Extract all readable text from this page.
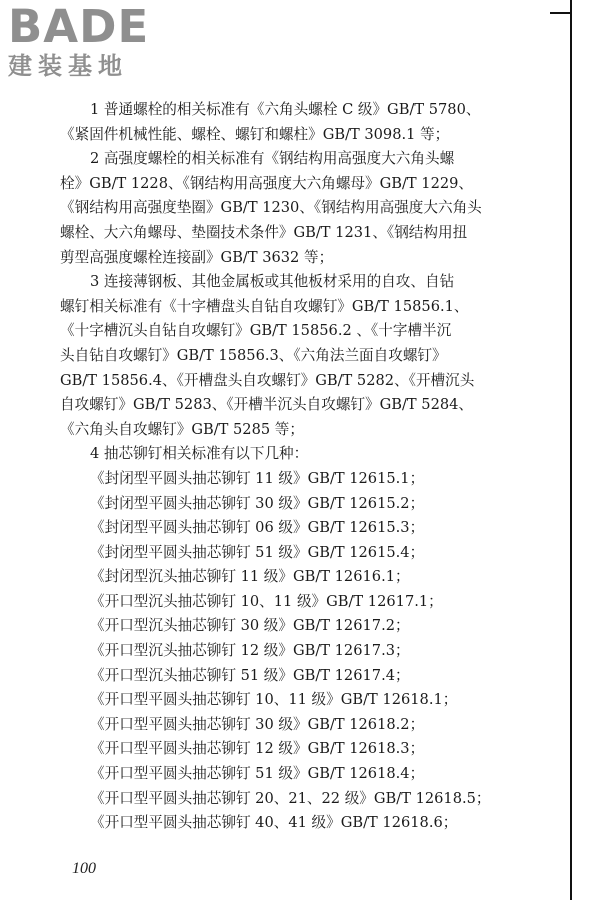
BADE
建装基地
1 普通螺栓的相关标准有《六角头螺栓 C 级》GB/T 5780、
《紧固件机械性能、螺栓、螺钉和螺柱》GB/T 3098.1 等；
2 高强度螺栓的相关标准有《钢结构用高强度大六角头螺
栓》GB/T 1228、《钢结构用高强度大六角螺母》GB/T 1229、
《钢结构用高强度垫圈》GB/T 1230、《钢结构用高强度大六角头
螺栓、大六角螺母、垫圈技术条件》GB/T 1231、《钢结构用扭
剪型高强度螺栓连接副》GB/T 3632 等；
3 连接薄钢板、其他金属板或其他板材采用的自攻、自钻
螺钉相关标准有《十字槽盘头自钻自攻螺钉》GB/T 15856.1、
《十字槽沉头自钻自攻螺钉》GB/T 15856.2 、《十字槽半沉
头自钻自攻螺钉》GB/T 15856.3、《六角法兰面自攻螺钉》
GB/T 15856.4、《开槽盘头自攻螺钉》GB/T 5282、《开槽沉头
自攻螺钉》GB/T 5283、《开槽半沉头自攻螺钉》GB/T 5284、
《六角头自攻螺钉》GB/T 5285 等；
4 抽芯铆钉相关标准有以下几种：
《封闭型平圆头抽芯铆钉 11 级》GB/T 12615.1；
《封闭型平圆头抽芯铆钉 30 级》GB/T 12615.2；
《封闭型平圆头抽芯铆钉 06 级》GB/T 12615.3；
《封闭型平圆头抽芯铆钉 51 级》GB/T 12615.4；
《封闭型沉头抽芯铆钉 11 级》GB/T 12616.1；
《开口型沉头抽芯铆钉 10、11 级》GB/T 12617.1；
《开口型沉头抽芯铆钉 30 级》GB/T 12617.2；
《开口型沉头抽芯铆钉 12 级》GB/T 12617.3；
《开口型沉头抽芯铆钉 51 级》GB/T 12617.4；
《开口型平圆头抽芯铆钉 10、11 级》GB/T 12618.1；
《开口型平圆头抽芯铆钉 30 级》GB/T 12618.2；
《开口型平圆头抽芯铆钉 12 级》GB/T 12618.3；
《开口型平圆头抽芯铆钉 51 级》GB/T 12618.4；
《开口型平圆头抽芯铆钉 20、21、22 级》GB/T 12618.5；
《开口型平圆头抽芯铆钉 40、41 级》GB/T 12618.6；
100
